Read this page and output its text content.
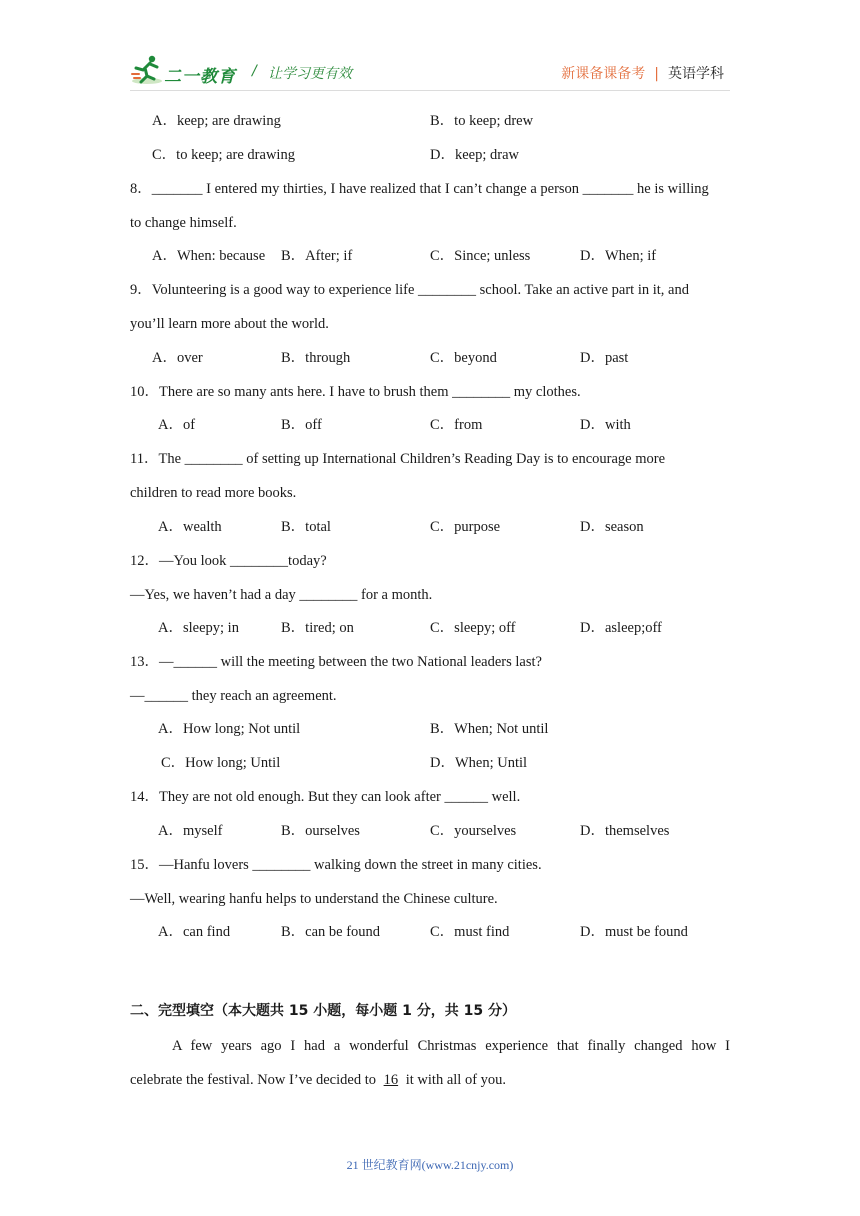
二一教育 / 让学习更有效	新课备课备考 | 英语学科
A．keep; are drawing	B．to keep; drew
C．to keep; are drawing	D．keep; draw
8．_______ I entered my thirties, I have realized that I can’t change a person _______ he is willing
to change himself.
A．When: because B．After; if	C．Since; unless	D．When; if
9．Volunteering is a good way to experience life ________ school. Take an active part in it, and
you’ll learn more about the world.
A．over	B．through	C．beyond	D．past
10．There are so many ants here. I have to brush them ________ my clothes.
A．of	B．off	C．from	D．with
11．The ________ of setting up International Children’s Reading Day is to encourage more
children to read more books.
A．wealth	B．total	C．purpose	D．season
12．—You look ________today?
—Yes, we haven’t had a day ________ for a month.
A．sleepy; in	B．tired; on	C．sleepy; off	D．asleep;off
13．—______ will the meeting between the two National leaders last?
—______ they reach an agreement.
A．How long; Not until	B．When; Not until
C．How long; Until	D．When; Until
14．They are not old enough. But they can look after ______ well.
A．myself	B．ourselves	C．yourselves	D．themselves
15．—Hanfu lovers ________ walking down the street in many cities.
—Well, wearing hanfu helps to understand the Chinese culture.
A．can find	B．can be found	C．must find	D．must be found
二、完型填空（本大题共 15 小题，每小题 1 分，共 15 分）
A few years ago I had a wonderful Christmas experience that finally changed how I
celebrate the festival. Now I’ve decided to 16 it with all of you.
21 世纪教育网(www.21cnjy.com)
